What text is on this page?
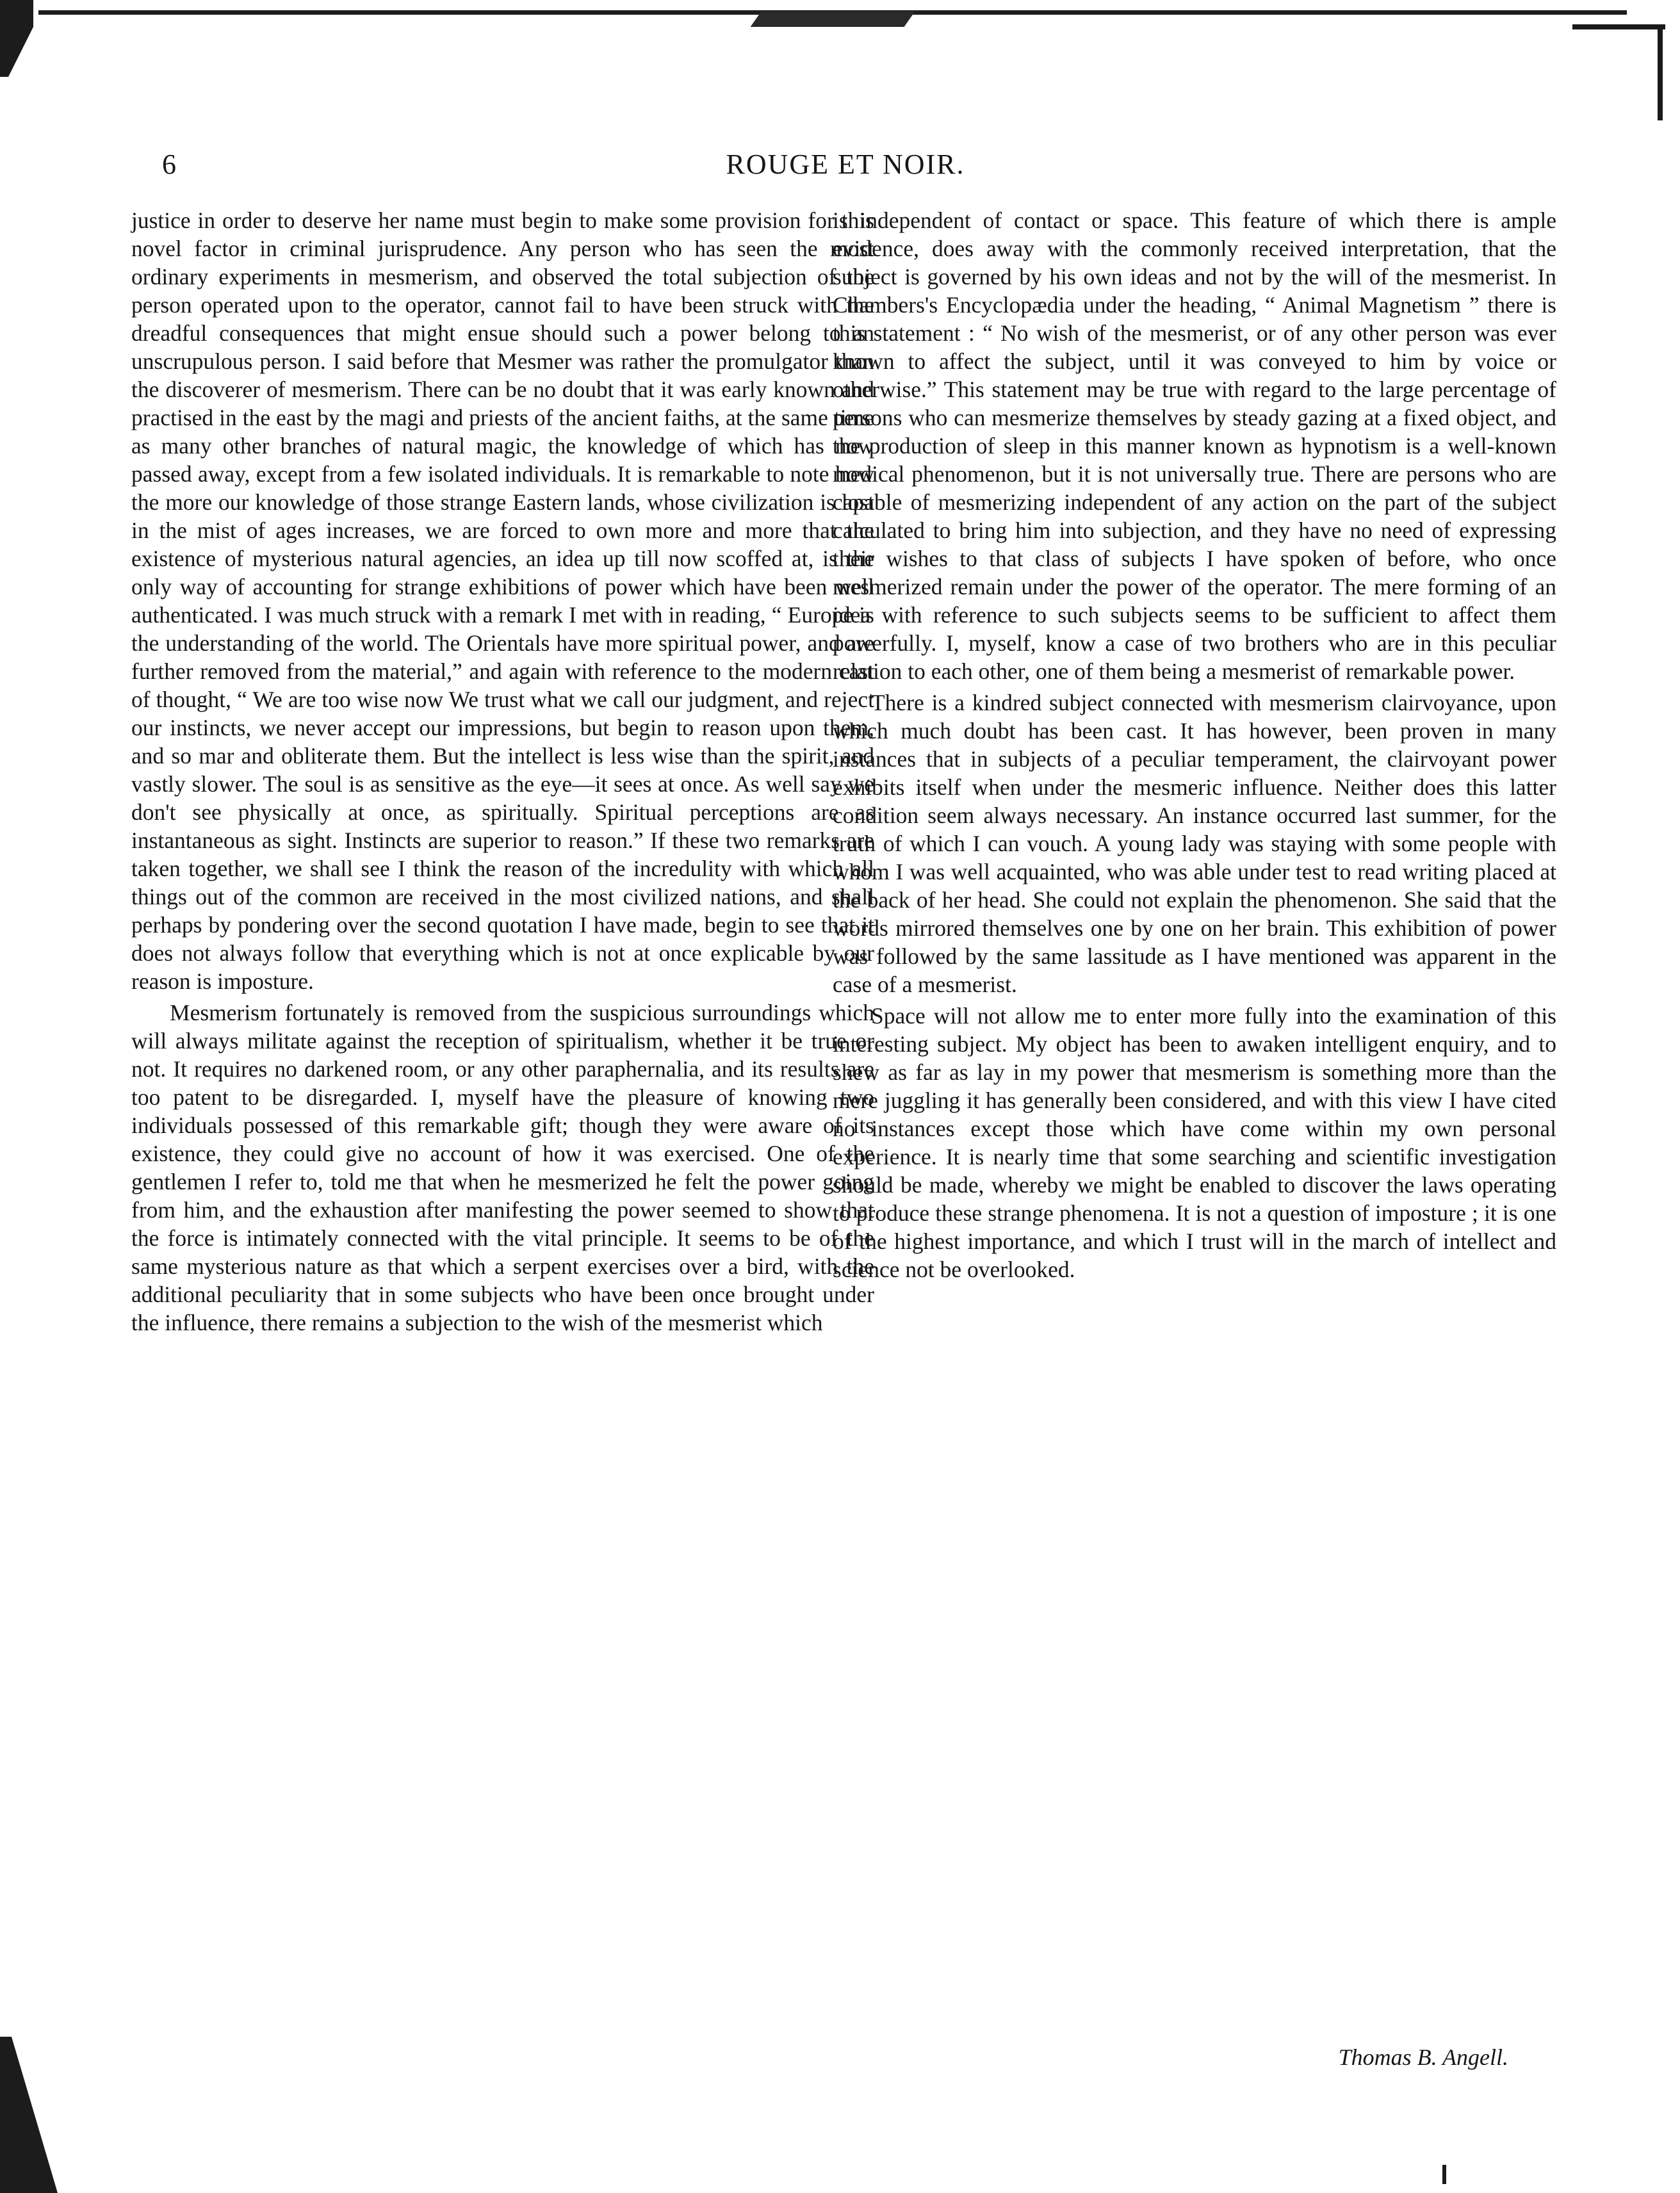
6	ROUGE ET NOIR.

justice in order to deserve her name must begin to make some provision for this novel factor in criminal jurisprudence. Any person who has seen the most ordinary experiments in mesmerism, and observed the total subjection of the person operated upon to the operator, cannot fail to have been struck with the dreadful consequences that might ensue should such a power belong to an unscrupulous person. I said before that Mesmer was rather the promulgator than the discoverer of mesmerism. There can be no doubt that it was early known and practised in the east by the magi and priests of the ancient faiths, at the same time as many other branches of natural magic, the knowledge of which has now passed away, except from a few isolated individuals. It is remarkable to note how the more our knowledge of those strange Eastern lands, whose civilization is lost in the mist of ages increases, we are forced to own more and more that the existence of mysterious natural agencies, an idea up till now scoffed at, is the only way of accounting for strange exhibitions of power which have been well authenticated. I was much struck with a remark I met with in reading, “ Europe is the understanding of the world. The Orientals have more spiritual power, and are further removed from the material,” and again with reference to the modern cast of thought, “ We are too wise now We trust what we call our judgment, and reject our instincts, we never accept our impressions, but begin to reason upon them, and so mar and obliterate them. But the intellect is less wise than the spirit, and vastly slower. The soul is as sensitive as the eye—it sees at once. As well say we don't see physically at once, as spiritually. Spiritual perceptions are as instantaneous as sight. Instincts are superior to reason.” If these two remarks are taken together, we shall see I think the reason of the incredulity with which all things out of the common are received in the most civilized nations, and shall perhaps by pondering over the second quotation I have made, begin to see that it does not always follow that everything which is not at once explicable by our reason is imposture.

Mesmerism fortunately is removed from the suspicious surroundings which will always militate against the reception of spiritualism, whether it be true or not. It requires no darkened room, or any other paraphernalia, and its results are too patent to be disregarded. I, myself have the pleasure of knowing two individuals possessed of this remarkable gift; though they were aware of its existence, they could give no account of how it was exercised. One of the gentlemen I refer to, told me that when he mesmerized he felt the power going from him, and the exhaustion after manifesting the power seemed to show that the force is intimately connected with the vital principle. It seems to be of the same mysterious nature as that which a serpent exercises over a bird, with the additional peculiarity that in some subjects who have been once brought under the influence, there remains a subjection to the wish of the mesmerist which

is independent of contact or space. This feature of which there is ample evidence, does away with the commonly received interpretation, that the subject is governed by his own ideas and not by the will of the mesmerist. In Chambers's Encyclopædia under the heading, “ Animal Magnetism ” there is this statement : “ No wish of the mesmerist, or of any other person was ever known to affect the subject, until it was conveyed to him by voice or otherwise.” This statement may be true with regard to the large percentage of persons who can mesmerize themselves by steady gazing at a fixed object, and the production of sleep in this manner known as hypnotism is a well-known medical phenomenon, but it is not universally true. There are persons who are capable of mesmerizing independent of any action on the part of the subject calculated to bring him into subjection, and they have no need of expressing their wishes to that class of subjects I have spoken of before, who once mesmerized remain under the power of the operator. The mere forming of an idea with reference to such subjects seems to be sufficient to affect them powerfully. I, myself, know a case of two brothers who are in this peculiar relation to each other, one of them being a mesmerist of remarkable power.

There is a kindred subject connected with mesmerism clairvoyance, upon which much doubt has been cast. It has however, been proven in many instances that in subjects of a peculiar temperament, the clairvoyant power exhibits itself when under the mesmeric influence. Neither does this latter condition seem always necessary. An instance occurred last summer, for the truth of which I can vouch. A young lady was staying with some people with whom I was well acquainted, who was able under test to read writing placed at the back of her head. She could not explain the phenomenon. She said that the words mirrored themselves one by one on her brain. This exhibition of power was followed by the same lassitude as I have mentioned was apparent in the case of a mesmerist.

Space will not allow me to enter more fully into the examination of this interesting subject. My object has been to awaken intelligent enquiry, and to shew as far as lay in my power that mesmerism is something more than the mere juggling it has generally been considered, and with this view I have cited no instances except those which have come within my own personal experience. It is nearly time that some searching and scientific investigation should be made, whereby we might be enabled to discover the laws operating to produce these strange phenomena. It is not a question of imposture ; it is one of the highest importance, and which I trust will in the march of intellect and science not be overlooked.

Thomas B. Angell.
